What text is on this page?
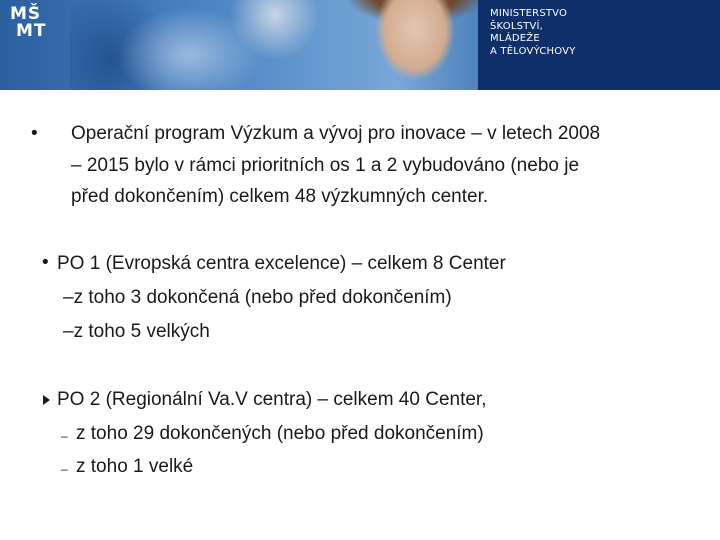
MŠ
MT
MINISTERSTVO
ŠKOLSTVÍ,
MLÁDEŽE
A TĚLOVÝCHOVY
• Operační program Výzkum a vývoj pro inovace – v letech 2008
– 2015 bylo v rámci prioritních os 1 a 2 vybudováno (nebo je
před dokončením) celkem 48 výzkumných center.
• PO 1 (Evropská centra excelence) – celkem 8 Center
–z toho 3 dokončená (nebo před dokončením)
–z toho 5 velkých
PO 2 (Regionální Va.V centra) – celkem 40 Center,
– z toho 29 dokončených (nebo před dokončením)
– z toho 1 velké
